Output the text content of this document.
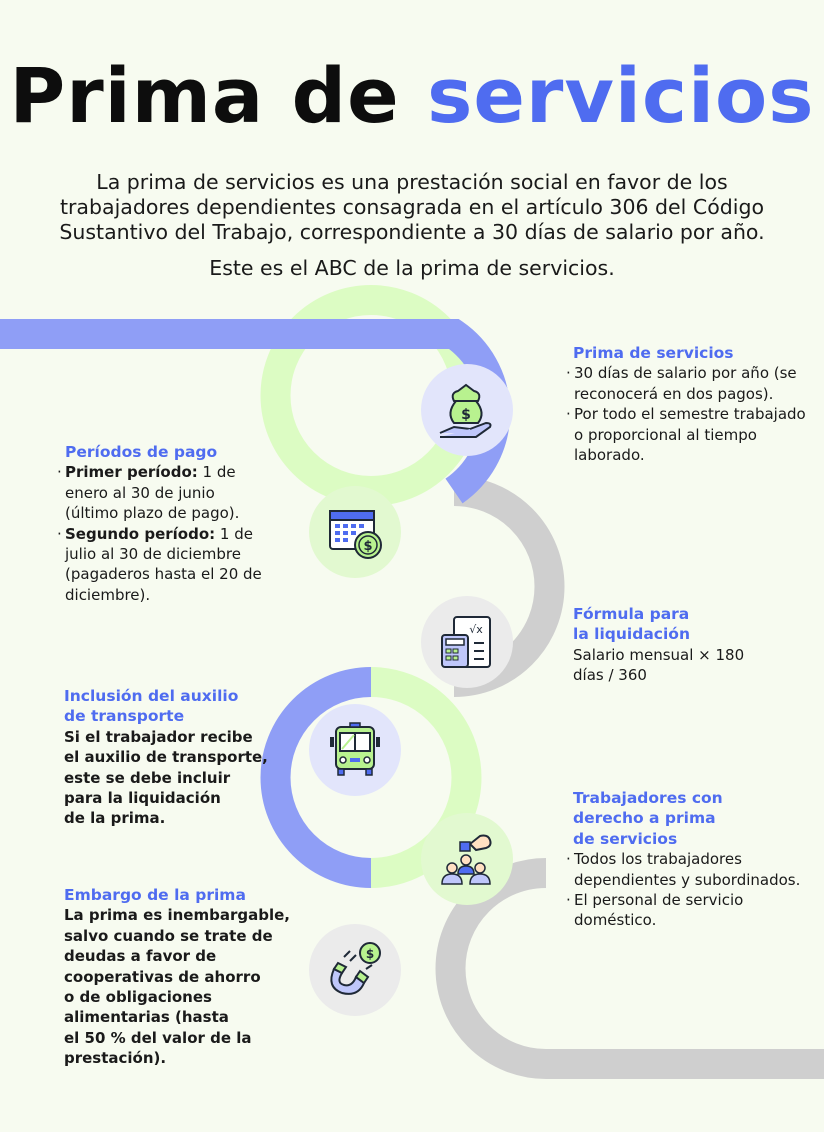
Prima de servicios
La prima de servicios es una prestación social en favor de los trabajadores dependientes consagrada en el artículo 306 del Código Sustantivo del Trabajo, correspondiente a 30 días de salario por año.
Este es el ABC de la prima de servicios.
$
$
√x
$
Prima de servicios
· 30 días de salario por año (se reconocerá en dos pagos).
· Por todo el semestre trabajado o proporcional al tiempo laborado.
Períodos de pago
· Primer período: 1 de enero al 30 de junio (último plazo de pago).
· Segundo período: 1 de julio al 30 de diciembre (pagaderos hasta el 20 de diciembre).
Fórmula para
la liquidación
Salario mensual × 180
días / 360
Inclusión del auxilio
de transporte
Si el trabajador recibe
el auxilio de transporte,
este se debe incluir
para la liquidación
de la prima.
Trabajadores con
derecho a prima
de servicios
· Todos los trabajadores dependientes y subordinados.
· El personal de servicio doméstico.
Embargo de la prima
La prima es inembargable,
salvo cuando se trate de
deudas a favor de
cooperativas de ahorro
o de obligaciones
alimentarias (hasta
el 50 % del valor de la
prestación).
